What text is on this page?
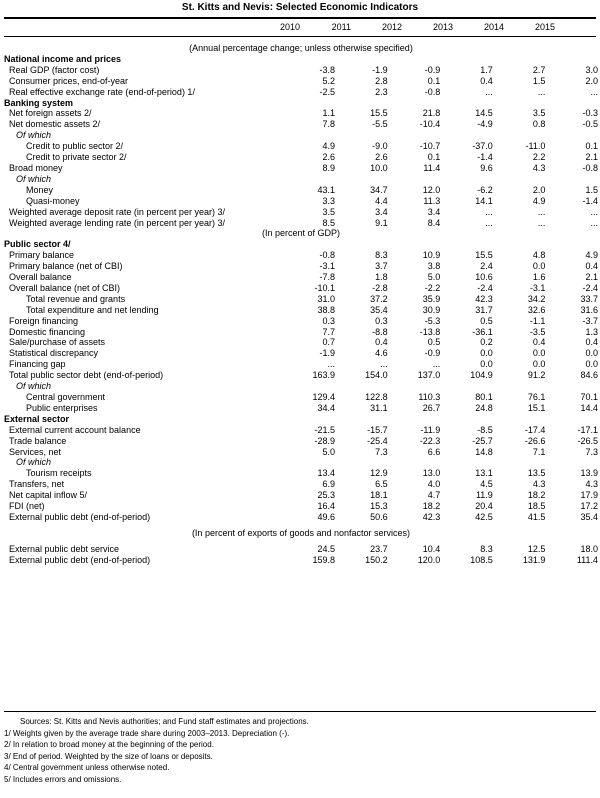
St. Kitts and Nevis: Selected Economic Indicators
2010	2011	2012	2013	2014	2015
(Annual percentage change; unless otherwise specified)						
National income and prices						
Real GDP (factor cost)	-3.8	-1.9	-0.9	1.7	2.7	3.0
Consumer prices, end-of-year	5.2	2.8	0.1	0.4	1.5	2.0
Real effective exchange rate (end-of-period) 1/	-2.5	2.3	-0.8	...	...	...
Banking system						
Net foreign assets 2/	1.1	15.5	21.8	14.5	3.5	-0.3
Net domestic assets 2/	7.8	-5.5	-10.4	-4.9	0.8	-0.5
Of which						
Credit to public sector 2/	4.9	-9.0	-10.7	-37.0	-11.0	0.1
Credit to private sector 2/	2.6	2.6	0.1	-1.4	2.2	2.1
Broad money	8.9	10.0	11.4	9.6	4.3	-0.8
Of which						
Money	43.1	34.7	12.0	-6.2	2.0	1.5
Quasi-money	3.3	4.4	11.3	14.1	4.9	-1.4
Weighted average deposit rate (in percent per year) 3/	3.5	3.4	3.4	...	...	...
Weighted average lending rate (in percent per year) 3/	8.5	9.1	8.4	...	...	...
(In percent of GDP)						
Public sector 4/						
Primary balance	-0.8	8.3	10.9	15.5	4.8	4.9
Primary balance (net of CBI)	-3.1	3.7	3.8	2.4	0.0	0.4
Overall balance	-7.8	1.8	5.0	10.6	1.6	2.1
Overall balance (net of CBI)	-10.1	-2.8	-2.2	-2.4	-3.1	-2.4
Total revenue and grants	31.0	37.2	35.9	42.3	34.2	33.7
Total expenditure and net lending	38.8	35.4	30.9	31.7	32.6	31.6
Foreign financing	0.3	0.3	-5.3	0.5	-1.1	-3.7
Domestic financing	7.7	-8.8	-13.8	-36.1	-3.5	1.3
Sale/purchase of assets	0.7	0.4	0.5	0.2	0.4	0.4
Statistical discrepancy	-1.9	4.6	-0.9	0.0	0.0	0.0
Financing gap	...	...	...	0.0	0.0	0.0
Total public sector debt (end-of-period)	163.9	154.0	137.0	104.9	91.2	84.6
Of which						
Central government	129.4	122.8	110.3	80.1	76.1	70.1
Public enterprises	34.4	31.1	26.7	24.8	15.1	14.4
External sector						
External current account balance	-21.5	-15.7	-11.9	-8.5	-17.4	-17.1
Trade balance	-28.9	-25.4	-22.3	-25.7	-26.6	-26.5
Services, net	5.0	7.3	6.6	14.8	7.1	7.3
Of which						
Tourism receipts	13.4	12.9	13.0	13.1	13.5	13.9
Transfers, net	6.9	6.5	4.0	4.5	4.3	4.3
Net capital inflow 5/	25.3	18.1	4.7	11.9	18.2	17.9
FDI (net)	16.4	15.3	18.2	20.4	18.5	17.2
External public debt (end-of-period)	49.6	50.6	42.3	42.5	41.5	35.4

(In percent of exports of goods and nonfactor services)						

External public debt service	24.5	23.7	10.4	8.3	12.5	18.0
External public debt (end-of-period)	159.8	150.2	120.0	108.5	131.9	111.4
Sources: St. Kitts and Nevis authorities; and Fund staff estimates and projections.
1/ Weights given by the average trade share during 2003–2013. Depreciation (-).
2/ In relation to broad money at the beginning of the period.
3/ End of period. Weighted by the size of loans or deposits.
4/ Central government unless otherwise noted.
5/ Includes errors and omissions.
